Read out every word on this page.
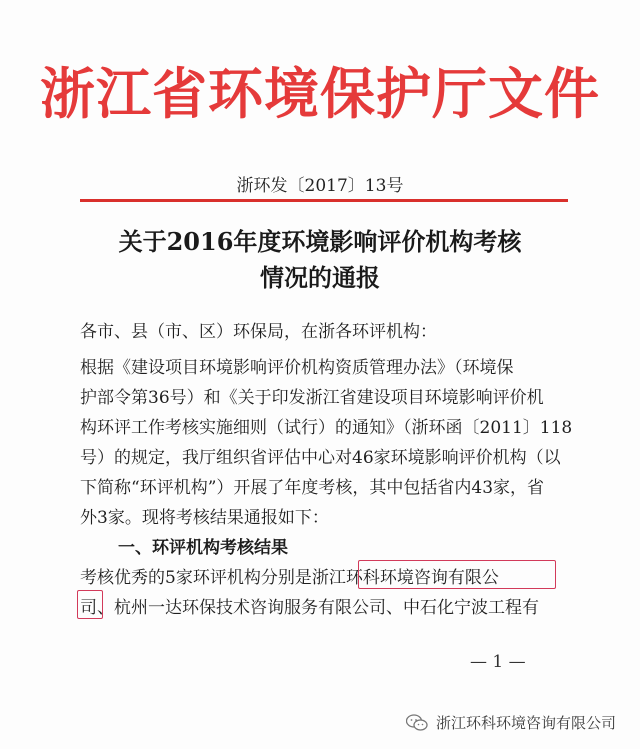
浙江省环境保护厅文件
浙环发〔2017〕13号
关于2016年度环境影响评价机构考核
情况的通报
各市、县（市、区）环保局，在浙各环评机构：
根据《建设项目环境影响评价机构资质管理办法》（环境保
护部令第36号）和《关于印发浙江省建设项目环境影响评价机
构环评工作考核实施细则（试行）的通知》（浙环函〔2011〕118
号）的规定，我厅组织省评估中心对46家环境影响评价机构（以
下简称“环评机构”）开展了年度考核，其中包括省内43家，省
外3家。现将考核结果通报如下：
一、环评机构考核结果
考核优秀的5家环评机构分别是浙江环科环境咨询有限公
司、杭州一达环保技术咨询服务有限公司、中石化宁波工程有
— 1 —
浙江环科环境咨询有限公司
